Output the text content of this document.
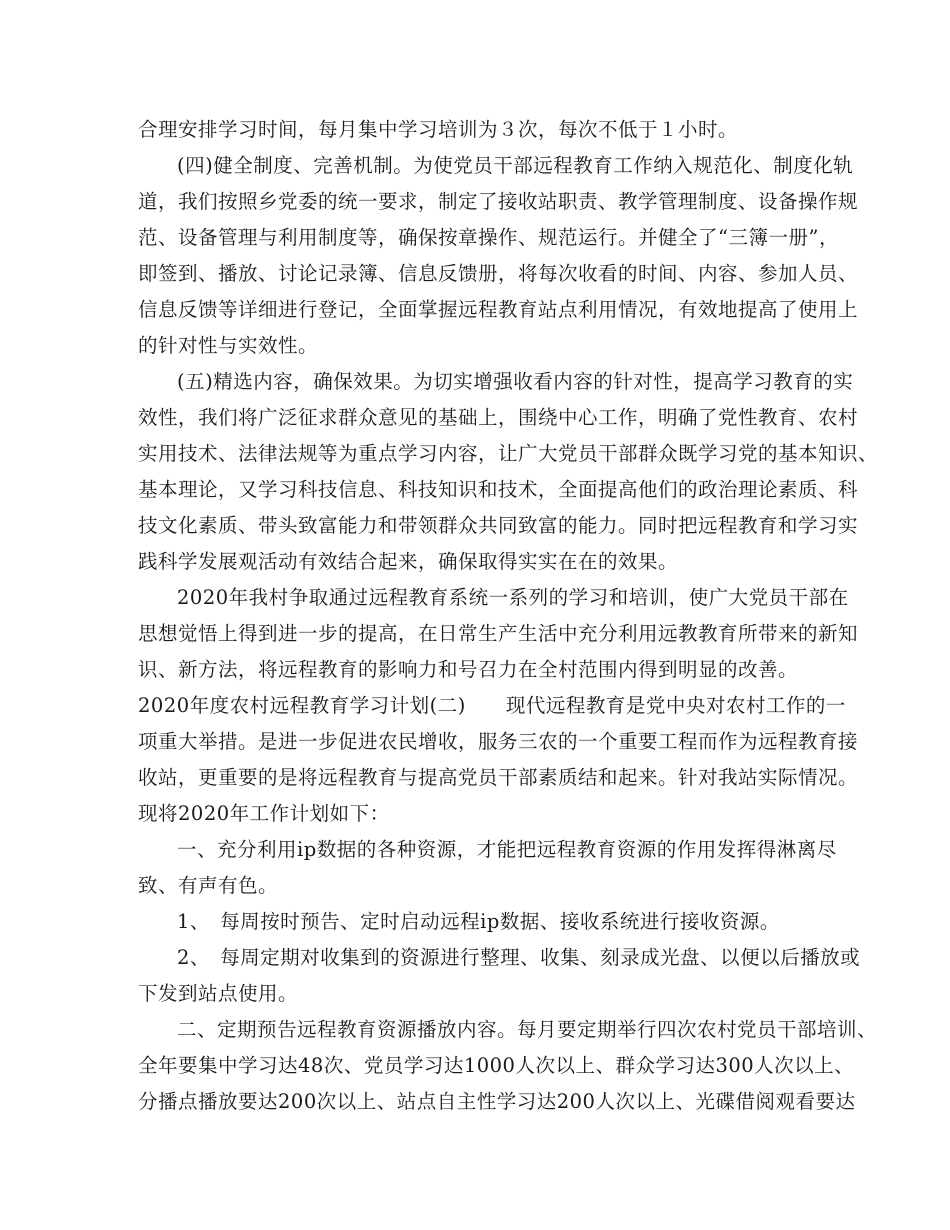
合理安排学习时间，每月集中学习培训为３次，每次不低于１小时。
(四)健全制度、完善机制。为使党员干部远程教育工作纳入规范化、制度化轨
道，我们按照乡党委的统一要求，制定了接收站职责、教学管理制度、设备操作规
范、设备管理与利用制度等，确保按章操作、规范运行。并健全了“三簿一册”，
即签到、播放、讨论记录簿、信息反馈册，将每次收看的时间、内容、参加人员、
信息反馈等详细进行登记，全面掌握远程教育站点利用情况，有效地提高了使用上
的针对性与实效性。
(五)精选内容，确保效果。为切实增强收看内容的针对性，提高学习教育的实
效性，我们将广泛征求群众意见的基础上，围绕中心工作，明确了党性教育、农村
实用技术、法律法规等为重点学习内容，让广大党员干部群众既学习党的基本知识、
基本理论，又学习科技信息、科技知识和技术，全面提高他们的政治理论素质、科
技文化素质、带头致富能力和带领群众共同致富的能力。同时把远程教育和学习实
践科学发展观活动有效结合起来，确保取得实实在在的效果。
2020年我村争取通过远程教育系统一系列的学习和培训，使广大党员干部在
思想觉悟上得到进一步的提高，在日常生产生活中充分利用远教教育所带来的新知
识、新方法，将远程教育的影响力和号召力在全村范围内得到明显的改善。
2020年度农村远程教育学习计划(二)　　现代远程教育是党中央对农村工作的一
项重大举措。是进一步促进农民增收，服务三农的一个重要工程而作为远程教育接
收站，更重要的是将远程教育与提高党员干部素质结和起来。针对我站实际情况。
现将2020年工作计划如下：
一、充分利用ip数据的各种资源，才能把远程教育资源的作用发挥得淋离尽
致、有声有色。
1、　每周按时预告、定时启动远程ip数据、接收系统进行接收资源。
2、　每周定期对收集到的资源进行整理、收集、刻录成光盘、以便以后播放或
下发到站点使用。
二、定期预告远程教育资源播放内容。每月要定期举行四次农村党员干部培训、
全年要集中学习达48次、党员学习达1000人次以上、群众学习达300人次以上、
分播点播放要达200次以上、站点自主性学习达200人次以上、光碟借阅观看要达
